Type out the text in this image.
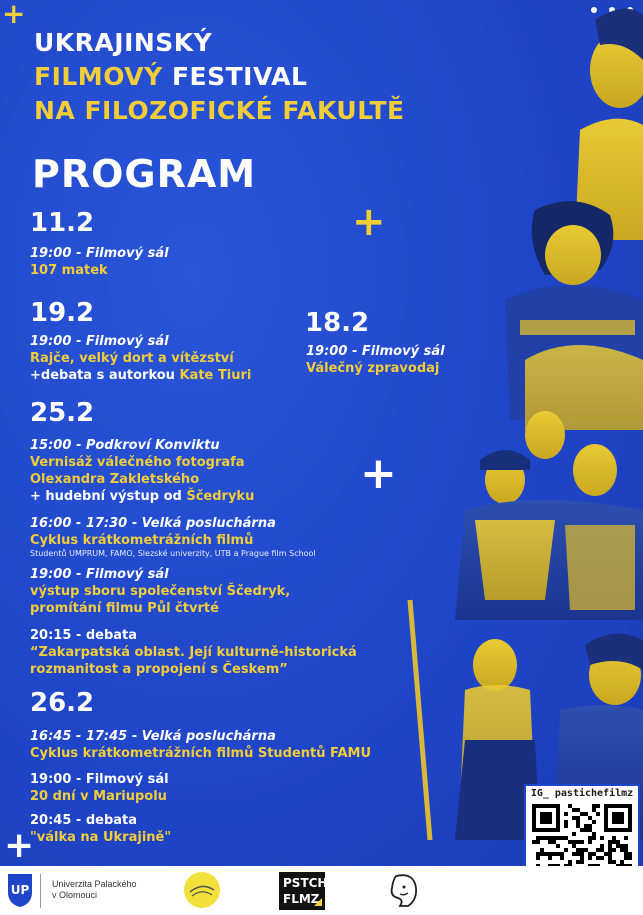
+
+
+
+
UKRAJINSKÝ
FILMOVÝ FESTIVAL
NA FILOZOFICKÉ FAKULTĚ
PROGRAM
11.2
19:00 - Filmový sál
107 matek
19.2
19:00 - Filmový sál
Rajče, velký dort a vítězství
+debata s autorkou Kate Tiuri
18.2
19:00 - Filmový sál
Válečný zpravodaj
25.2
15:00 - Podkroví Konviktu
Vernisáž válečného fotografa
Olexandra Zakletského
+ hudební výstup od Ščedryku
16:00 - 17:30 - Velká posluchárna
Cyklus krátkometrážních filmů
Studentů UMPRUM, FAMO, Slezské univerzity, UTB a Prague film School
19:00 - Filmový sál
výstup sboru společenství Ščedryk,
promítání filmu Půl čtvrté
20:15 - debata
“Zakarpatská oblast. Její kulturně-historická
rozmanitost a propojení s Českem”
26.2
16:45 - 17:45 - Velká posluchárna
Cyklus krátkometrážních filmů Studentů FAMU
19:00 - Filmový sál
20 dní v Mariupolu
20:45 - debata
"válka na Ukrajině"
IG_ pastichefilmz
UP	Univerzita Palackého
v Olomouci
PSTCH
FLMZ
